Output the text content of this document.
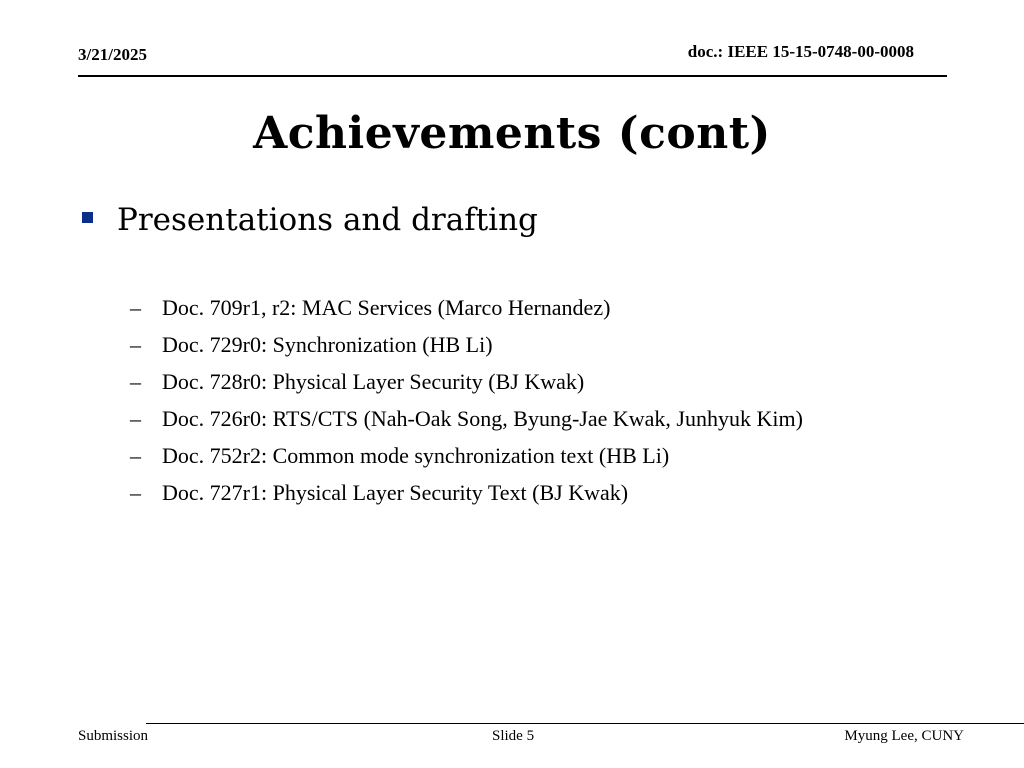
3/21/2025	doc.: IEEE 15-15-0748-00-0008
Achievements (cont)
Presentations and drafting
– Doc. 709r1, r2: MAC Services (Marco Hernandez)
– Doc. 729r0: Synchronization (HB Li)
– Doc. 728r0: Physical Layer Security (BJ Kwak)
– Doc. 726r0: RTS/CTS (Nah-Oak Song, Byung-Jae Kwak, Junhyuk Kim)
– Doc. 752r2: Common mode synchronization text (HB Li)
– Doc. 727r1: Physical Layer Security Text (BJ Kwak)
Submission	Slide 5	Myung Lee, CUNY
